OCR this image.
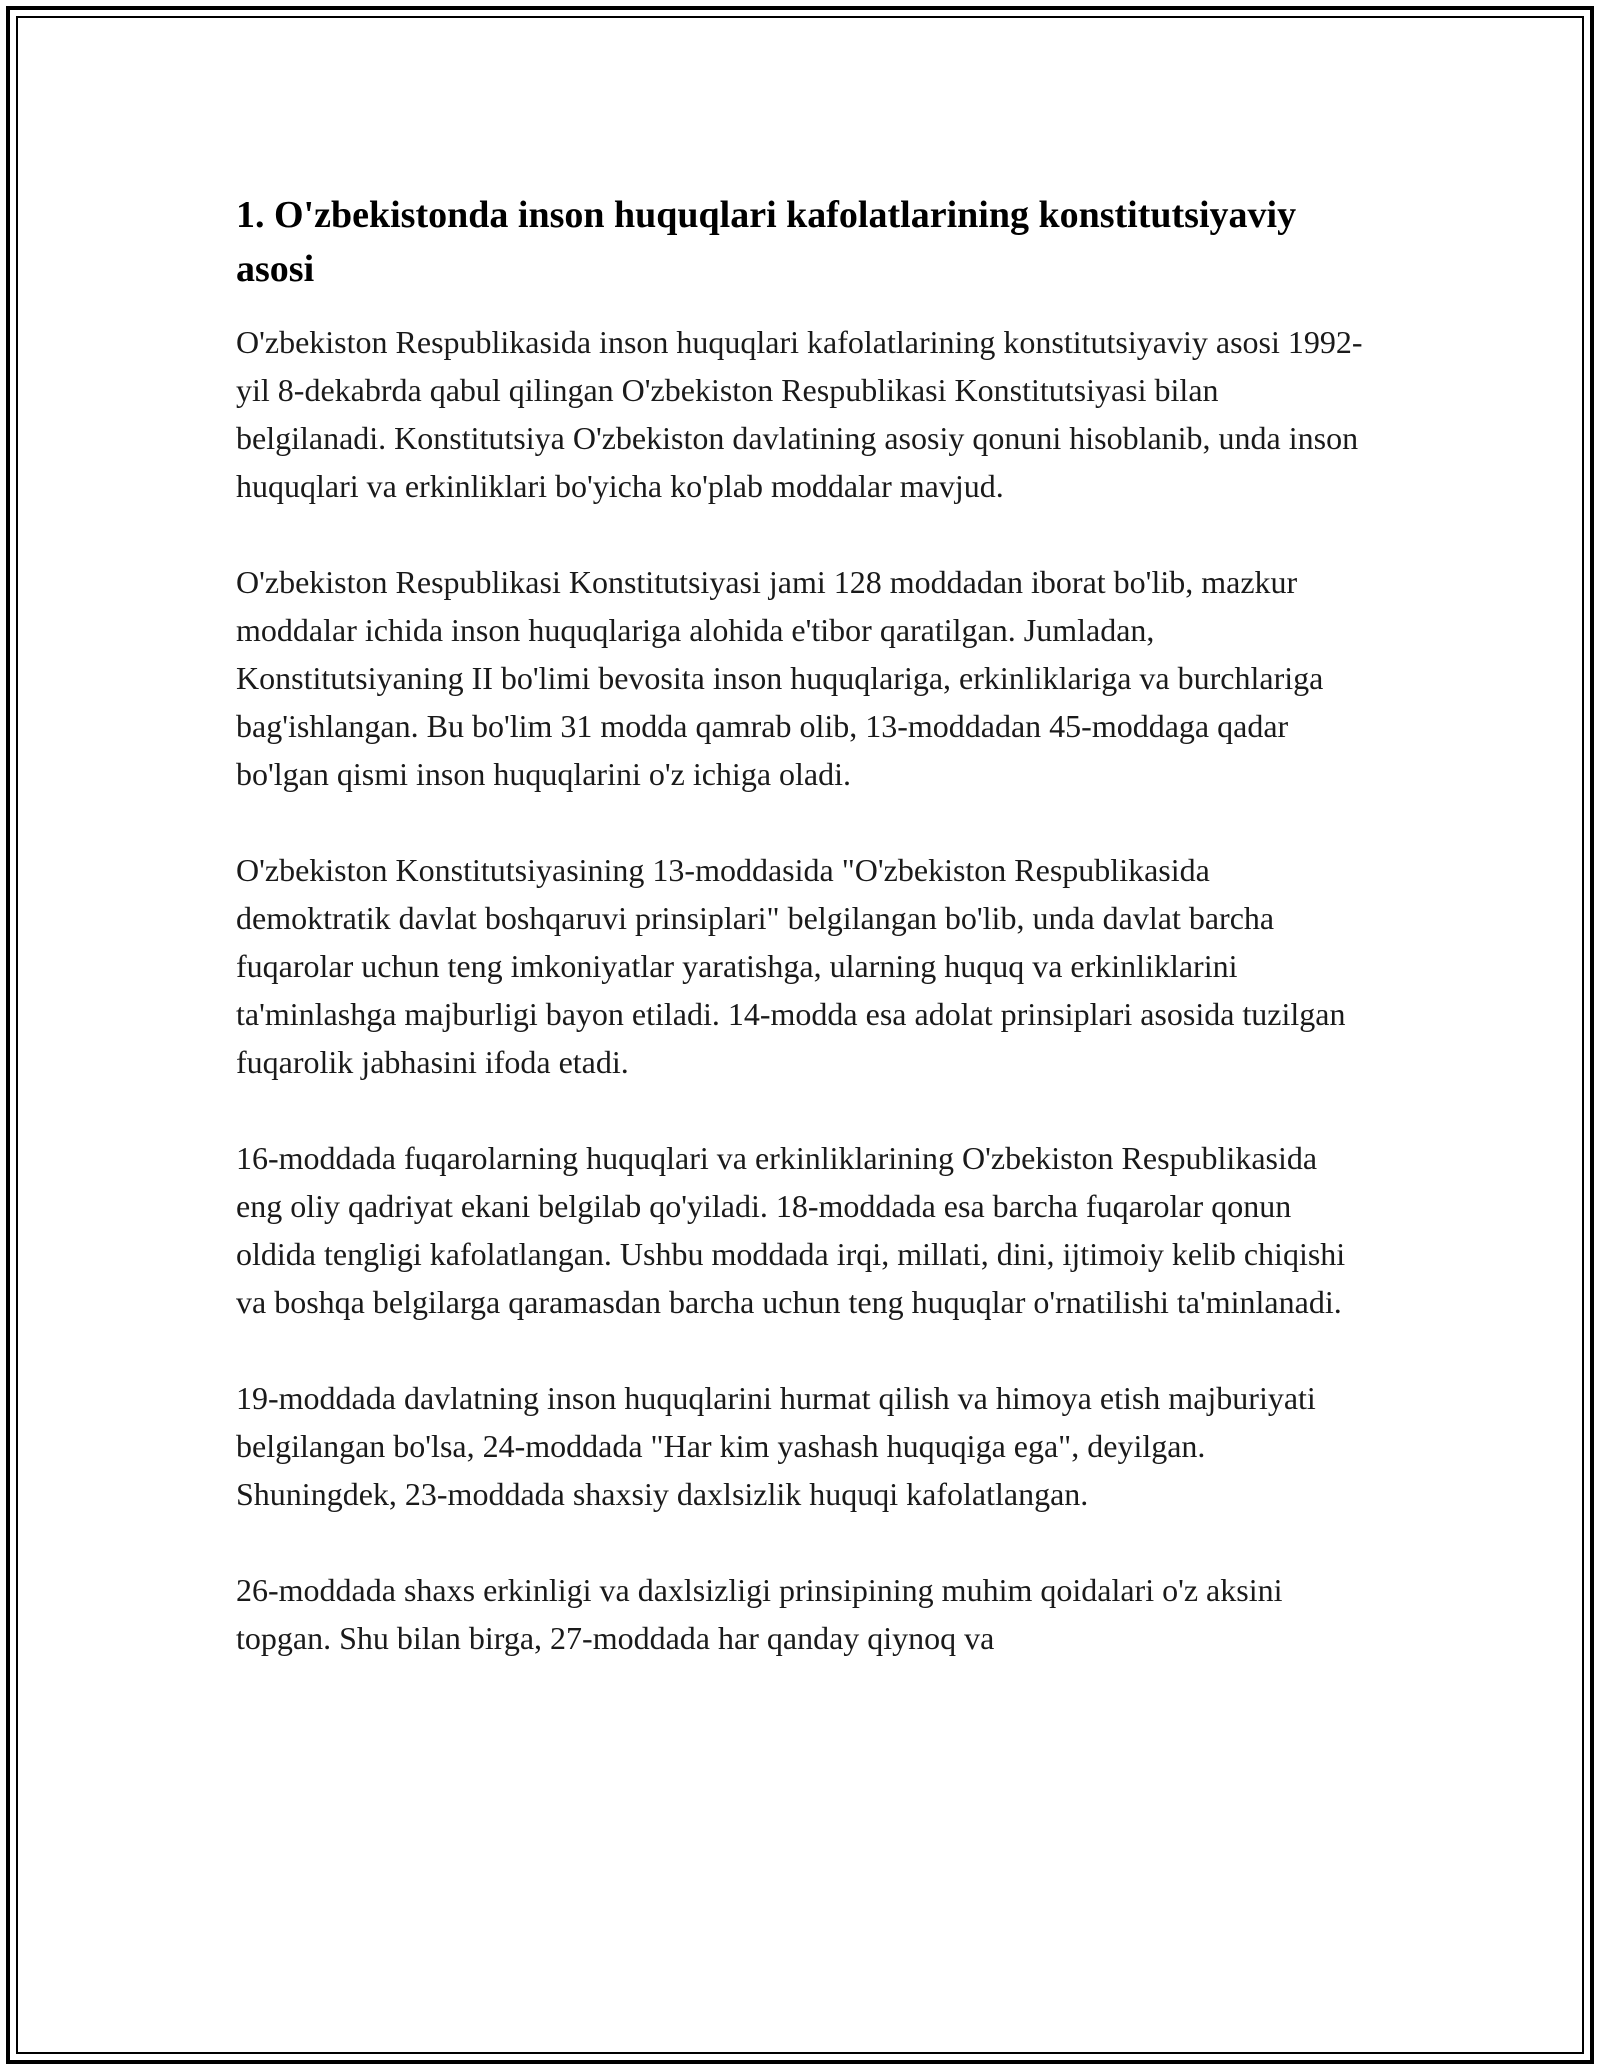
1. O'zbekistonda inson huquqlari kafolatlarining konstitutsiyaviy asosi

O'zbekiston Respublikasida inson huquqlari kafolatlarining konstitutsiyaviy asosi 1992-yil 8-dekabrda qabul qilingan O'zbekiston Respublikasi Konstitutsiyasi bilan belgilanadi. Konstitutsiya O'zbekiston davlatining asosiy qonuni hisoblanib, unda inson huquqlari va erkinliklari bo'yicha ko'plab moddalar mavjud.

O'zbekiston Respublikasi Konstitutsiyasi jami 128 moddadan iborat bo'lib, mazkur moddalar ichida inson huquqlariga alohida e'tibor qaratilgan. Jumladan, Konstitutsiyaning II bo'limi bevosita inson huquqlariga, erkinliklariga va burchlariga bag'ishlangan. Bu bo'lim 31 modda qamrab olib, 13-moddadan 45-moddaga qadar bo'lgan qismi inson huquqlarini o'z ichiga oladi.

O'zbekiston Konstitutsiyasining 13-moddasida "O'zbekiston Respublikasida demoktratik davlat boshqaruvi prinsiplari" belgilangan bo'lib, unda davlat barcha fuqarolar uchun teng imkoniyatlar yaratishga, ularning huquq va erkinliklarini ta'minlashga majburligi bayon etiladi. 14-modda esa adolat prinsiplari asosida tuzilgan fuqarolik jabhasini ifoda etadi.

16-moddada fuqarolarning huquqlari va erkinliklarining O'zbekiston Respublikasida eng oliy qadriyat ekani belgilab qo'yiladi. 18-moddada esa barcha fuqarolar qonun oldida tengligi kafolatlangan. Ushbu moddada irqi, millati, dini, ijtimoiy kelib chiqishi va boshqa belgilarga qaramasdan barcha uchun teng huquqlar o'rnatilishi ta'minlanadi.

19-moddada davlatning inson huquqlarini hurmat qilish va himoya etish majburiyati belgilangan bo'lsa, 24-moddada "Har kim yashash huquqiga ega", deyilgan. Shuningdek, 23-moddada shaxsiy daxlsizlik huquqi kafolatlangan.

26-moddada shaxs erkinligi va daxlsizligi prinsipining muhim qoidalari o'z aksini topgan. Shu bilan birga, 27-moddada har qanday qiynoq va
